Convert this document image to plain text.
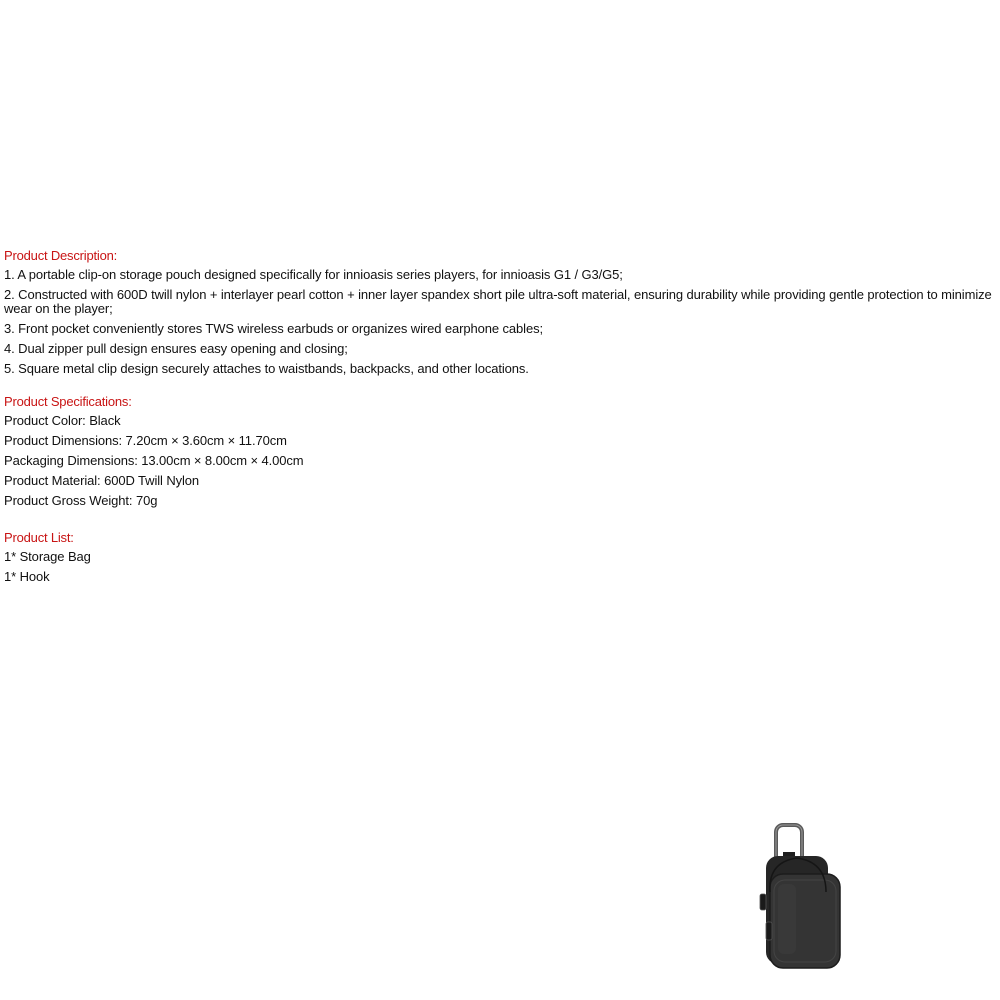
Product Description:

1. A portable clip-on storage pouch designed specifically for innioasis series players, for innioasis G1 / G3/G5;

2. Constructed with 600D twill nylon + interlayer pearl cotton + inner layer spandex short pile ultra-soft material, ensuring durability while providing gentle protection to minimize wear on the player;

3. Front pocket conveniently stores TWS wireless earbuds or organizes wired earphone cables;

4. Dual zipper pull design ensures easy opening and closing;

5. Square metal clip design securely attaches to waistbands, backpacks, and other locations.

Product Specifications:

Product Color: Black

Product Dimensions: 7.20cm × 3.60cm × 11.70cm

Packaging Dimensions: 13.00cm × 8.00cm × 4.00cm

Product Material: 600D Twill Nylon

Product Gross Weight: 70g

Product List:

1* Storage Bag

1* Hook
